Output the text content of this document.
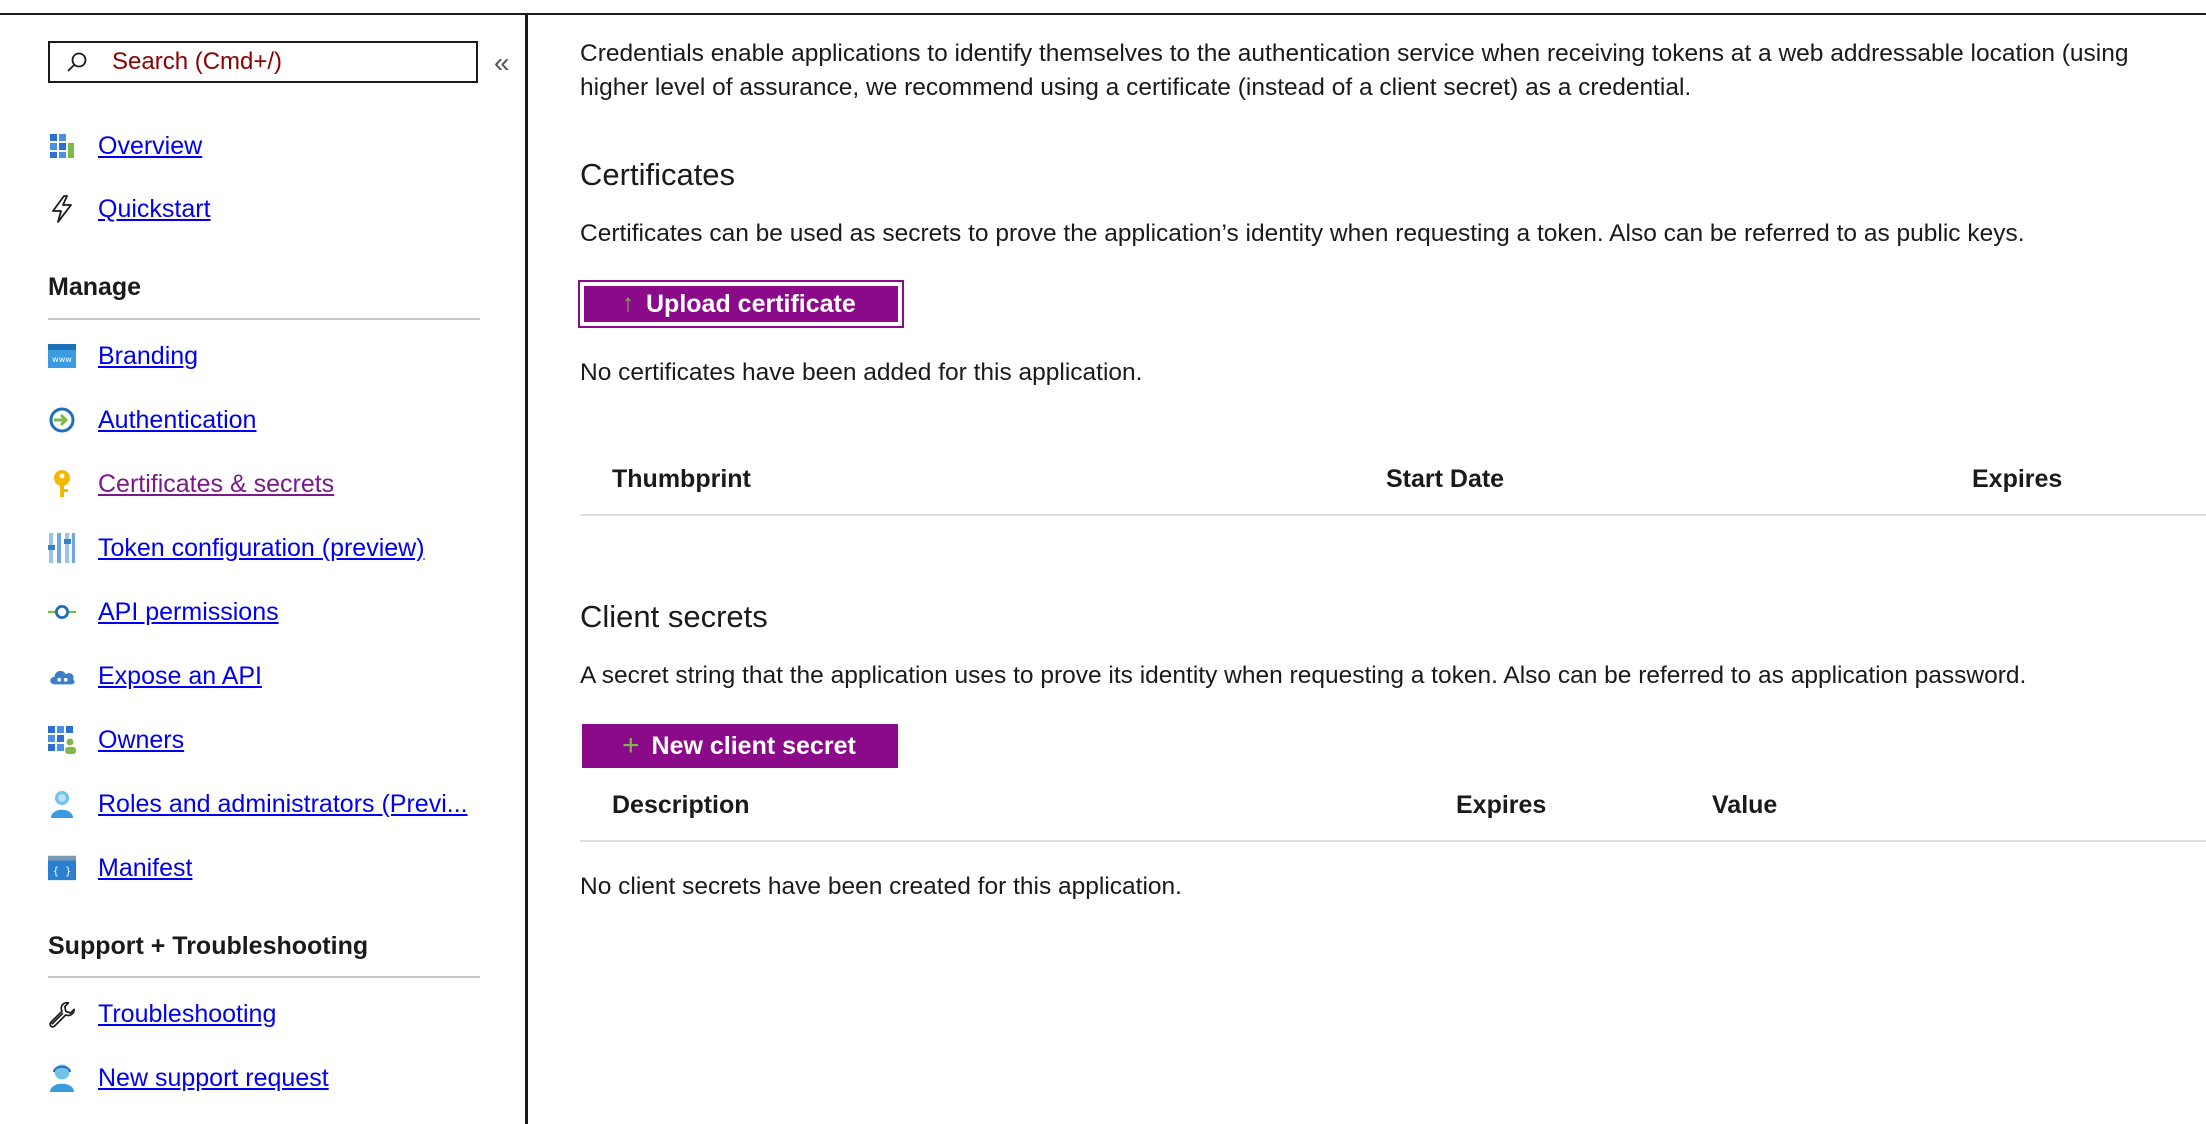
Search (Cmd+/)
«
Overview
Quickstart
Manage
www Branding
Authentication
Certificates & secrets
Token configuration (preview)
API permissions
Expose an API
Owners
Roles and administrators (Previ...
{ } Manifest
Support + Troubleshooting
Troubleshooting
New support request
Credentials enable applications to identify themselves to the authentication service when receiving tokens at a web addressable location (using
higher level of assurance, we recommend using a certificate (instead of a client secret) as a credential.
Certificates
Certificates can be used as secrets to prove the application’s identity when requesting a token. Also can be referred to as public keys.
↑ Upload certificate
No certificates have been added for this application.
Thumbprint	Start Date	Expires
Client secrets
A secret string that the application uses to prove its identity when requesting a token. Also can be referred to as application password.
+ New client secret
Description	Expires	Value
No client secrets have been created for this application.
